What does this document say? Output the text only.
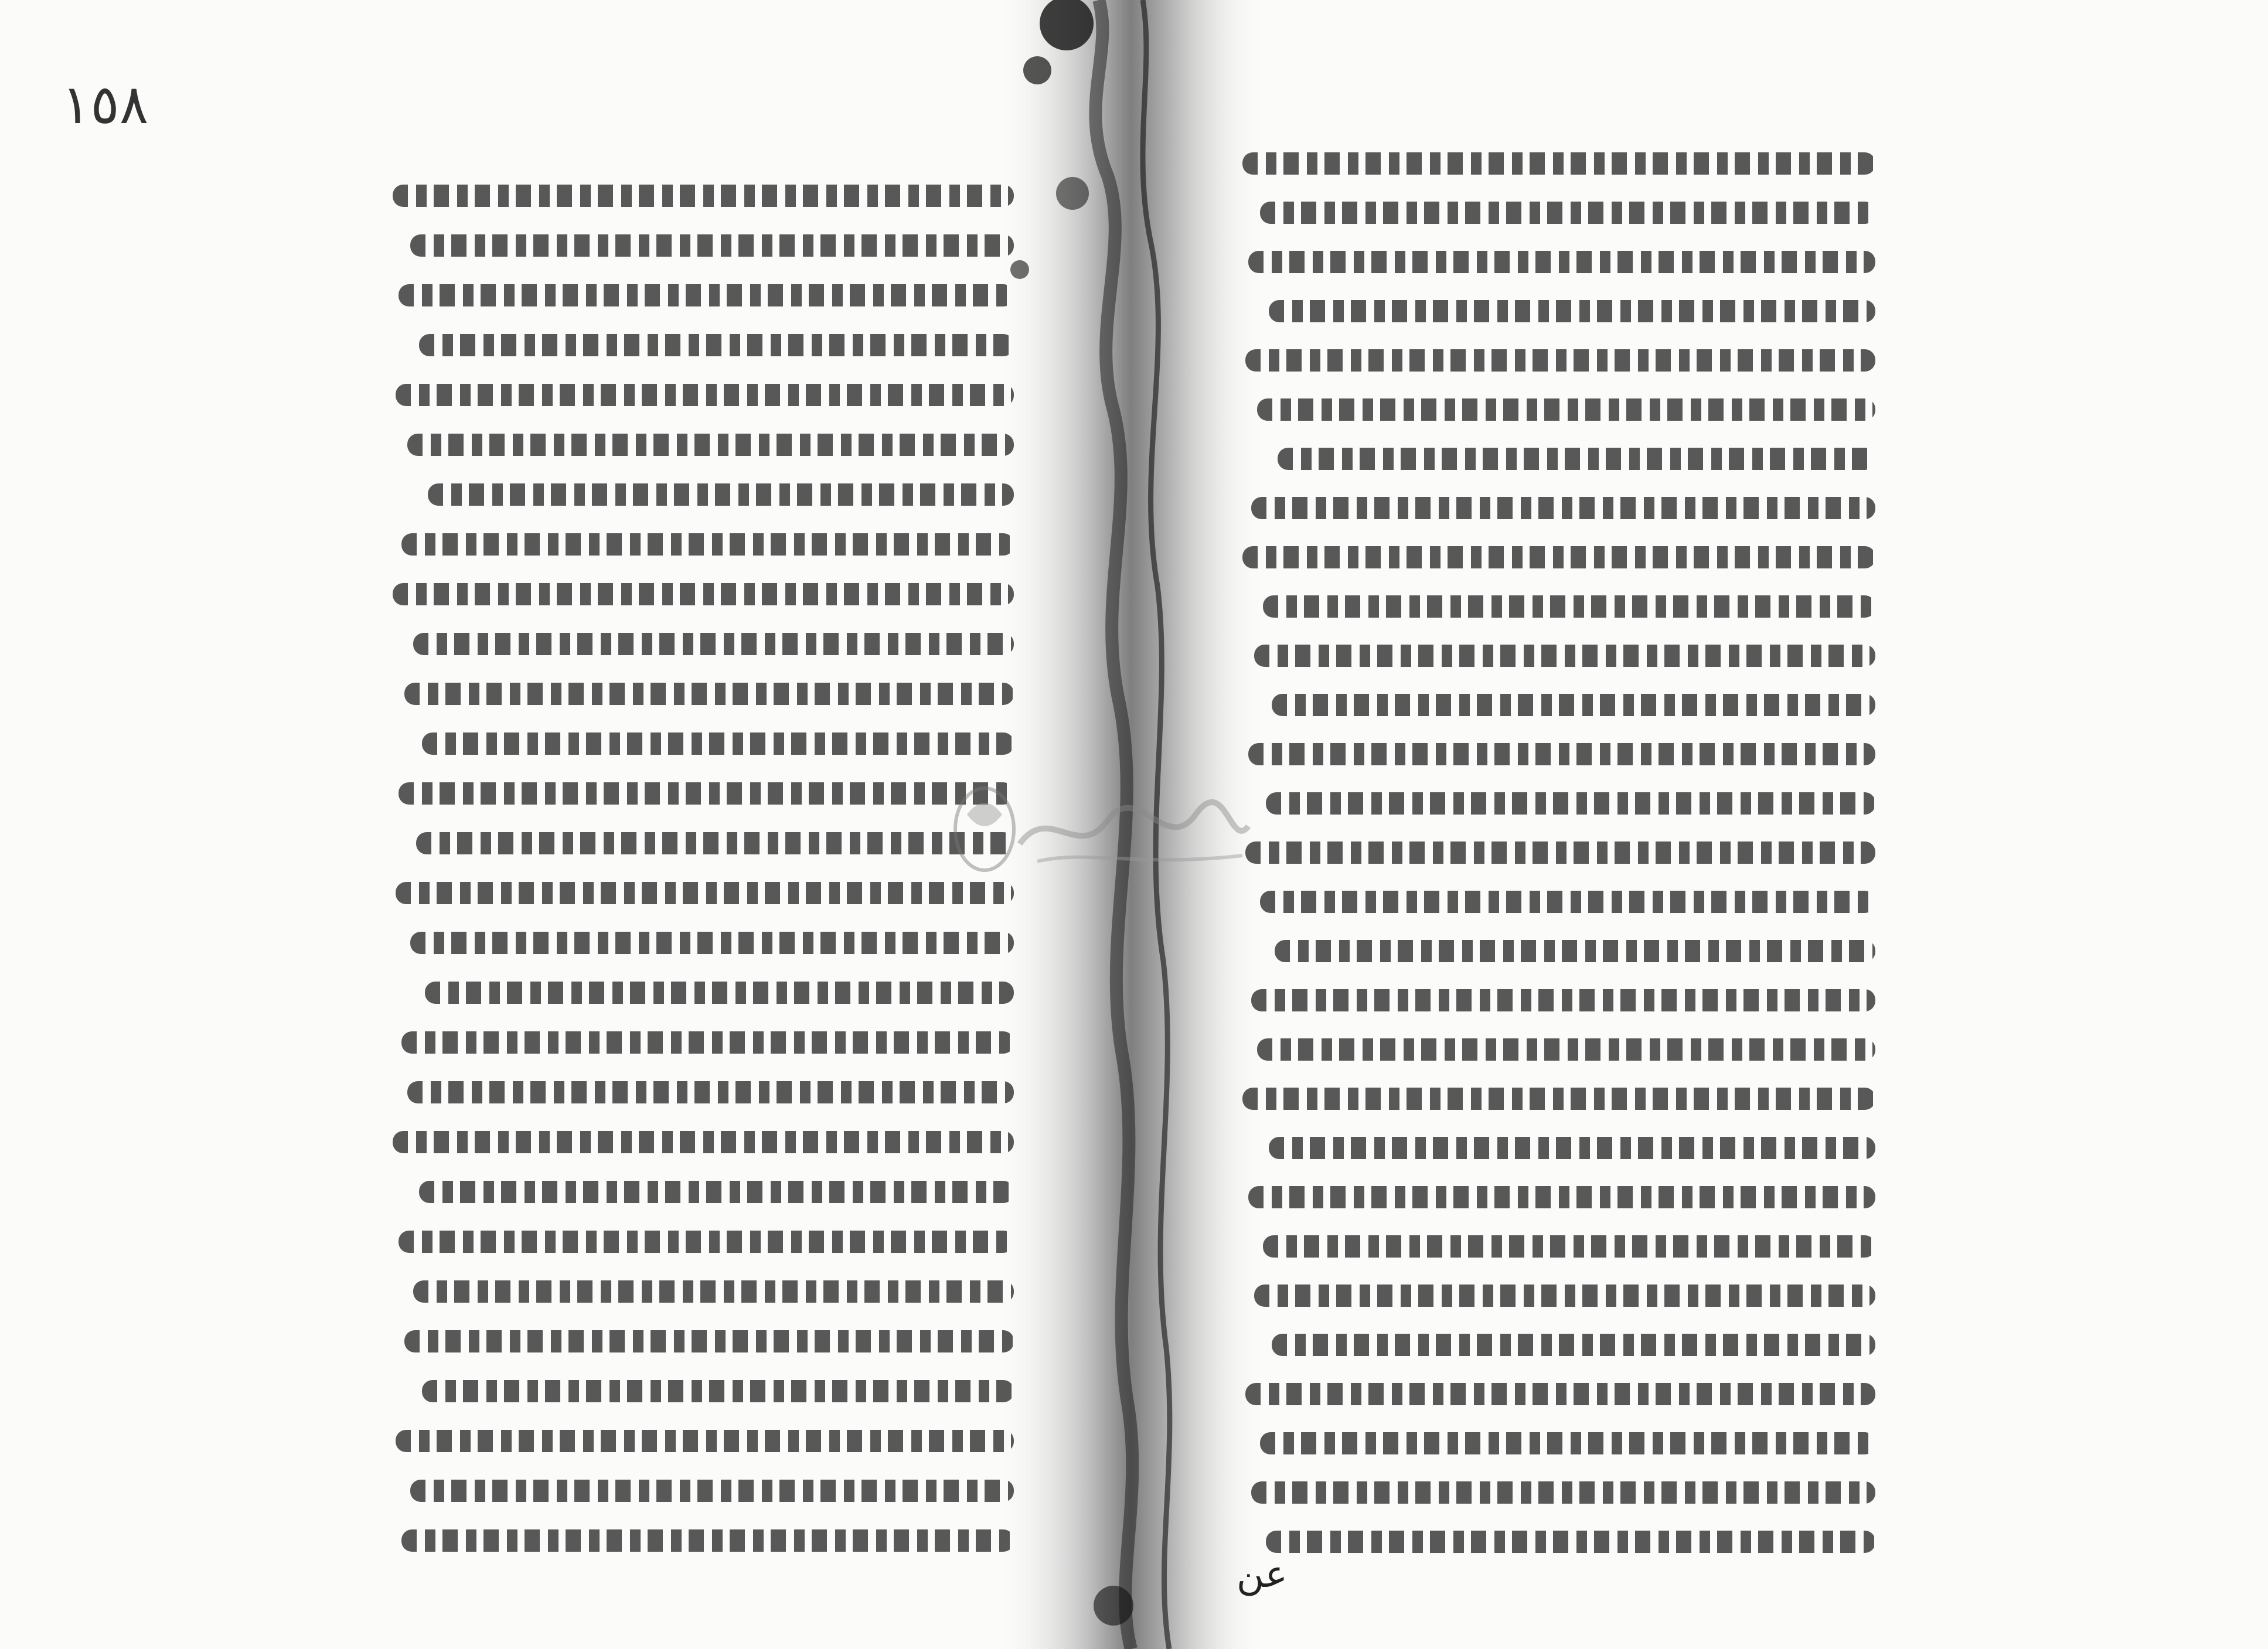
١٥٨
عن
